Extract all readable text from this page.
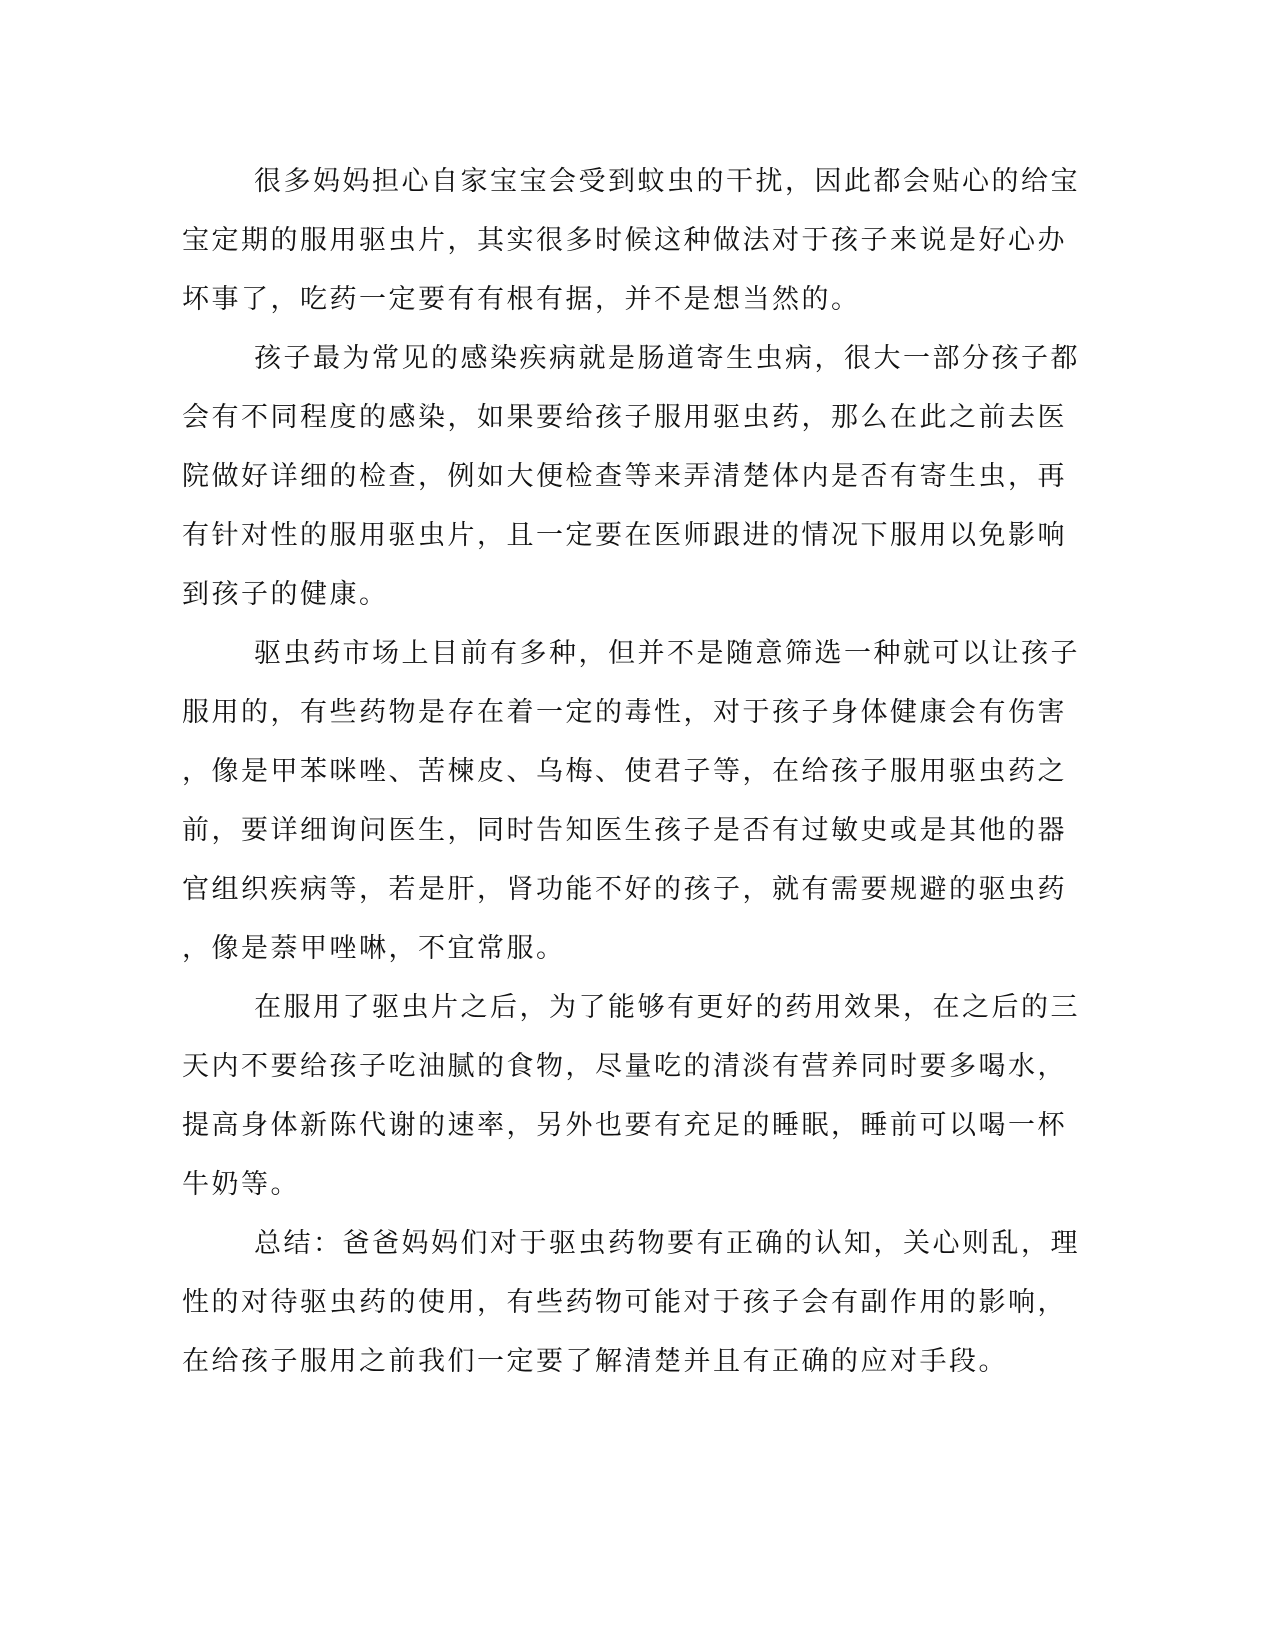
很多妈妈担心自家宝宝会受到蚊虫的干扰，因此都会贴心的给宝
宝定期的服用驱虫片，其实很多时候这种做法对于孩子来说是好心办
坏事了，吃药一定要有有根有据，并不是想当然的。
孩子最为常见的感染疾病就是肠道寄生虫病，很大一部分孩子都
会有不同程度的感染，如果要给孩子服用驱虫药，那么在此之前去医
院做好详细的检查，例如大便检查等来弄清楚体内是否有寄生虫，再
有针对性的服用驱虫片，且一定要在医师跟进的情况下服用以免影响
到孩子的健康。
驱虫药市场上目前有多种，但并不是随意筛选一种就可以让孩子
服用的，有些药物是存在着一定的毒性，对于孩子身体健康会有伤害
，像是甲苯咪唑、苦楝皮、乌梅、使君子等，在给孩子服用驱虫药之
前，要详细询问医生，同时告知医生孩子是否有过敏史或是其他的器
官组织疾病等，若是肝，肾功能不好的孩子，就有需要规避的驱虫药
，像是萘甲唑啉，不宜常服。
在服用了驱虫片之后，为了能够有更好的药用效果，在之后的三
天内不要给孩子吃油腻的食物，尽量吃的清淡有营养同时要多喝水，
提高身体新陈代谢的速率，另外也要有充足的睡眠，睡前可以喝一杯
牛奶等。
总结：爸爸妈妈们对于驱虫药物要有正确的认知，关心则乱，理
性的对待驱虫药的使用，有些药物可能对于孩子会有副作用的影响，
在给孩子服用之前我们一定要了解清楚并且有正确的应对手段。
